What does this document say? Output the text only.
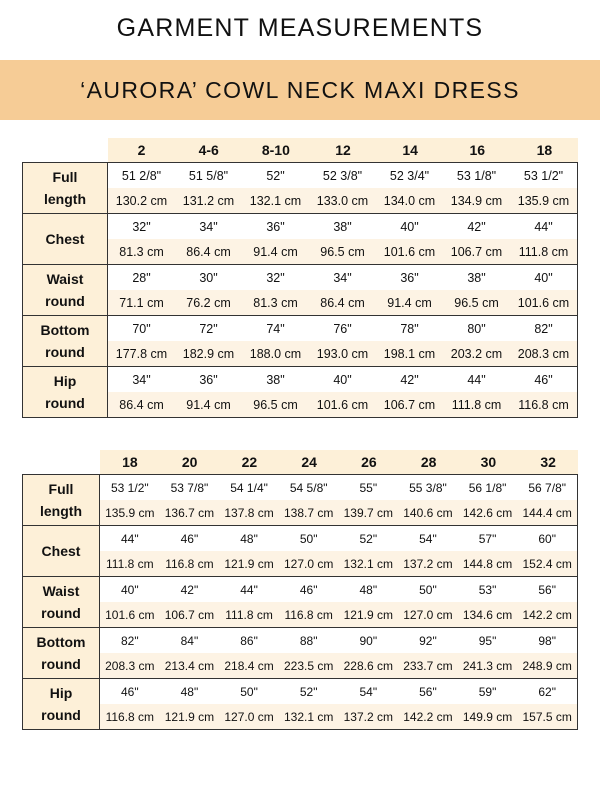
GARMENT MEASUREMENTS
‘AURORA’ COWL NECK MAXI DRESS
2	4-6	8-10	12	14	16	18
Full
length
51 2/8"	51 5/8"	52"	52 3/8"	52 3/4"	53 1/8"	53 1/2"
130.2 cm	131.2 cm	132.1 cm	133.0 cm	134.0 cm	134.9 cm	135.9 cm
Chest
32"	34"	36"	38"	40"	42"	44"
81.3 cm	86.4 cm	91.4 cm	96.5 cm	101.6 cm	106.7 cm	111.8 cm
Waist
round
28"	30"	32"	34"	36"	38"	40"
71.1 cm	76.2 cm	81.3 cm	86.4 cm	91.4 cm	96.5 cm	101.6 cm
Bottom
round
70"	72"	74"	76"	78"	80"	82"
177.8 cm	182.9 cm	188.0 cm	193.0 cm	198.1 cm	203.2 cm	208.3 cm
Hip
round
34"	36"	38"	40"	42"	44"	46"
86.4 cm	91.4 cm	96.5 cm	101.6 cm	106.7 cm	111.8 cm	116.8 cm
18	20	22	24	26	28	30	32
Full
length
53 1/2"	53 7/8"	54 1/4"	54 5/8"	55"	55 3/8"	56 1/8"	56 7/8"
135.9 cm 136.7 cm 137.8 cm 138.7 cm 139.7 cm 140.6 cm 142.6 cm 144.4 cm
Chest
44"	46"	48"	50"	52"	54"	57"	60"
111.8 cm 116.8 cm 121.9 cm 127.0 cm 132.1 cm 137.2 cm 144.8 cm 152.4 cm
Waist
round
40"	42"	44"	46"	48"	50"	53"	56"
101.6 cm 106.7 cm 111.8 cm 116.8 cm 121.9 cm 127.0 cm 134.6 cm 142.2 cm
Bottom
round
82"	84"	86"	88"	90"	92"	95"	98"
208.3 cm 213.4 cm 218.4 cm 223.5 cm 228.6 cm 233.7 cm 241.3 cm 248.9 cm
Hip
round
46"	48"	50"	52"	54"	56"	59"	62"
116.8 cm 121.9 cm 127.0 cm 132.1 cm 137.2 cm 142.2 cm 149.9 cm 157.5 cm
